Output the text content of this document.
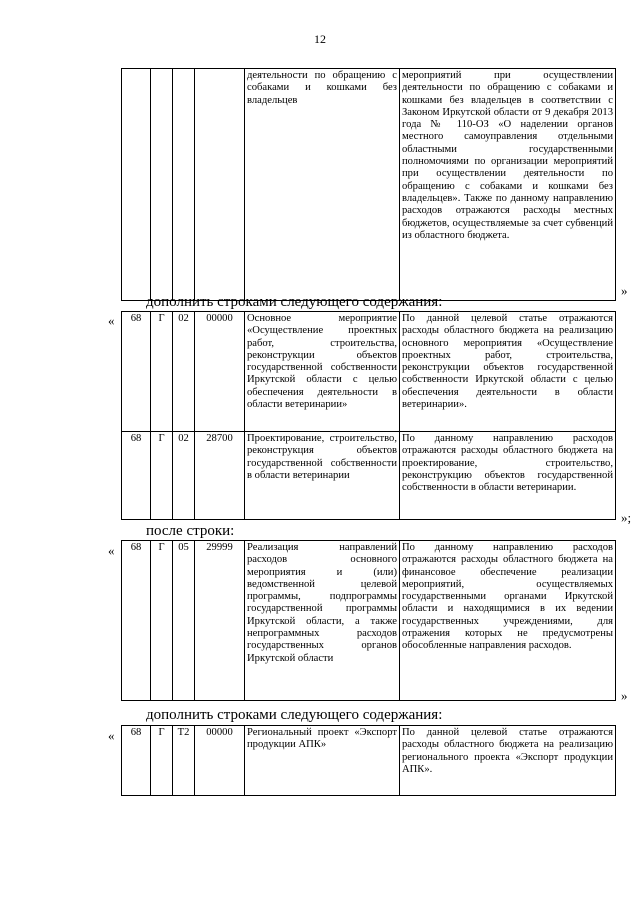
12
				деятельности по обращению с собаками и кошками без владельцев	мероприятий при осуществлении деятельности по обращению с собаками и кошками без владельцев в соответствии с Законом Иркутской области от 9 декабря 2013 года № 110-ОЗ «О наделении органов местного самоуправления отдельными областными государственными полномочиями по организации мероприятий при осуществлении деятельности по обращению с собаками и кошками без владельцев». Также по данному направлению расходов отражаются расходы местных бюджетов, осуществляемые за счет субвенций из областного бюджета.
»
дополнить строками следующего содержания:
« 68	Г	02	00000	Основное мероприятие «Осуществление проектных работ, строительства, реконструкции объектов государственной собственности Иркутской области с целью обеспечения деятельности в области ветеринарии»	По данной целевой статье отражаются расходы областного бюджета на реализацию основного мероприятия «Осуществление проектных работ, строительства, реконструкции объектов государственной собственности Иркутской области с целью обеспечения деятельности в области ветеринарии».
68	Г	02	28700	Проектирование, строительство, реконструкция объектов государственной собственности в области ветеринарии	По данному направлению расходов отражаются расходы областного бюджета на проектирование, строительство, реконструкцию объектов государственной собственности в области ветеринарии.
»;
после строки:
« 68	Г	05	29999	Реализация направлений расходов основного мероприятия и (или) ведомственной целевой программы, подпрограммы государственной программы Иркутской области, а также непрограммных расходов государственных органов Иркутской области	По данному направлению расходов отражаются расходы областного бюджета на финансовое обеспечение реализации мероприятий, осуществляемых государственными органами Иркутской области и находящимися в их ведении государственных учреждениями, для отражения которых не предусмотрены обособленные направления расходов.
»
дополнить строками следующего содержания:
« 68	Г	Т2	00000	Региональный проект «Экспорт продукции АПК»	По данной целевой статье отражаются расходы областного бюджета на реализацию регионального проекта «Экспорт продукции АПК».
